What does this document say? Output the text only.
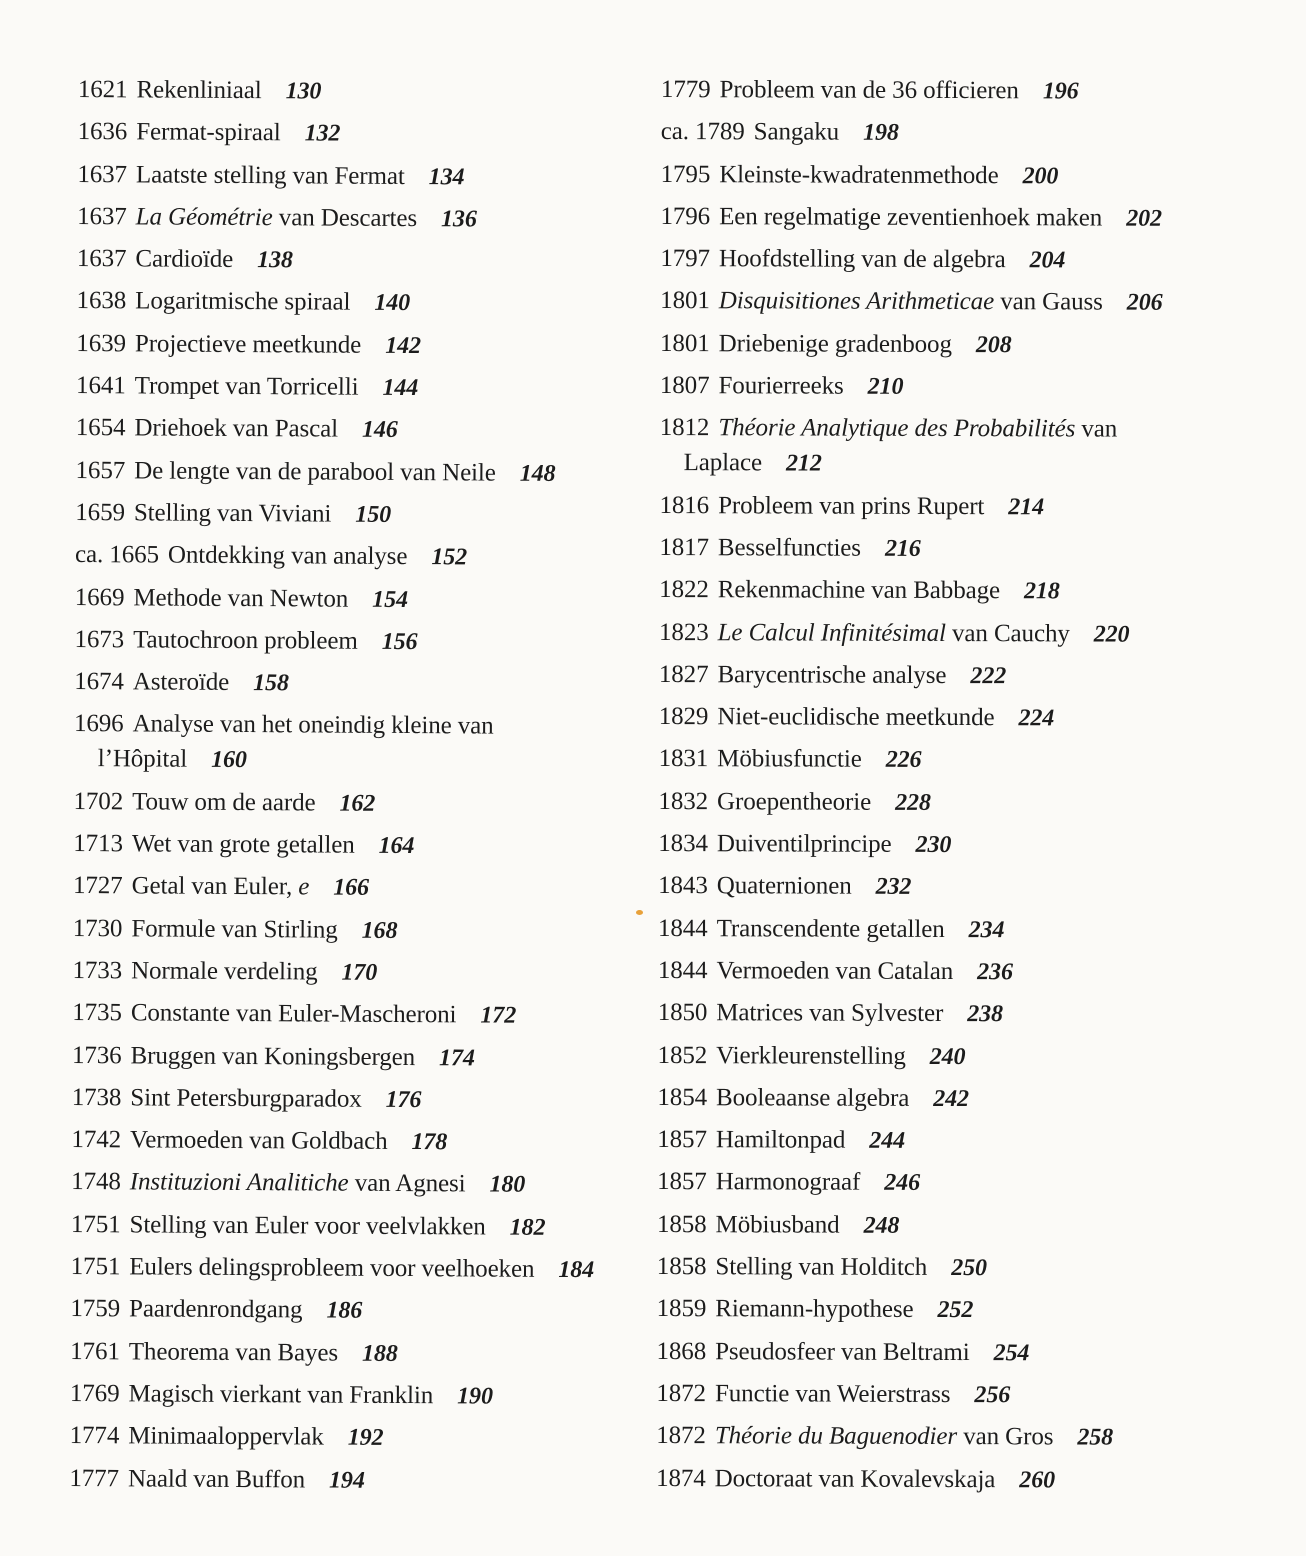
1621 Rekenliniaal 130
1636 Fermat-spiraal 132
1637 Laatste stelling van Fermat 134
1637 La Géométrie van Descartes 136
1637 Cardioïde 138
1638 Logaritmische spiraal 140
1639 Projectieve meetkunde 142
1641 Trompet van Torricelli 144
1654 Driehoek van Pascal 146
1657 De lengte van de parabool van Neile 148
1659 Stelling van Viviani 150
ca. 1665 Ontdekking van analyse 152
1669 Methode van Newton 154
1673 Tautochroon probleem 156
1674 Asteroïde 158
1696 Analyse van het oneindig kleine van l’Hôpital 160
1702 Touw om de aarde 162
1713 Wet van grote getallen 164
1727 Getal van Euler, e 166
1730 Formule van Stirling 168
1733 Normale verdeling 170
1735 Constante van Euler-Mascheroni 172
1736 Bruggen van Koningsbergen 174
1738 Sint Petersburgparadox 176
1742 Vermoeden van Goldbach 178
1748 Instituzioni Analitiche van Agnesi 180
1751 Stelling van Euler voor veelvlakken 182
1751 Eulers delingsprobleem voor veelhoeken 184
1759 Paardenrondgang 186
1761 Theorema van Bayes 188
1769 Magisch vierkant van Franklin 190
1774 Minimaaloppervlak 192
1777 Naald van Buffon 194
1779 Probleem van de 36 officieren 196
ca. 1789 Sangaku 198
1795 Kleinste-kwadratenmethode 200
1796 Een regelmatige zeventienhoek maken 202
1797 Hoofdstelling van de algebra 204
1801 Disquisitiones Arithmeticae van Gauss 206
1801 Driebenige gradenboog 208
1807 Fourierreeks 210
1812 Théorie Analytique des Probabilités van Laplace 212
1816 Probleem van prins Rupert 214
1817 Besselfuncties 216
1822 Rekenmachine van Babbage 218
1823 Le Calcul Infinitésimal van Cauchy 220
1827 Barycentrische analyse 222
1829 Niet-euclidische meetkunde 224
1831 Möbiusfunctie 226
1832 Groepentheorie 228
1834 Duiventilprincipe 230
1843 Quaternionen 232
1844 Transcendente getallen 234
1844 Vermoeden van Catalan 236
1850 Matrices van Sylvester 238
1852 Vierkleurenstelling 240
1854 Booleaanse algebra 242
1857 Hamiltonpad 244
1857 Harmonograaf 246
1858 Möbiusband 248
1858 Stelling van Holditch 250
1859 Riemann-hypothese 252
1868 Pseudosfeer van Beltrami 254
1872 Functie van Weierstrass 256
1872 Théorie du Baguenodier van Gros 258
1874 Doctoraat van Kovalevskaja 260
